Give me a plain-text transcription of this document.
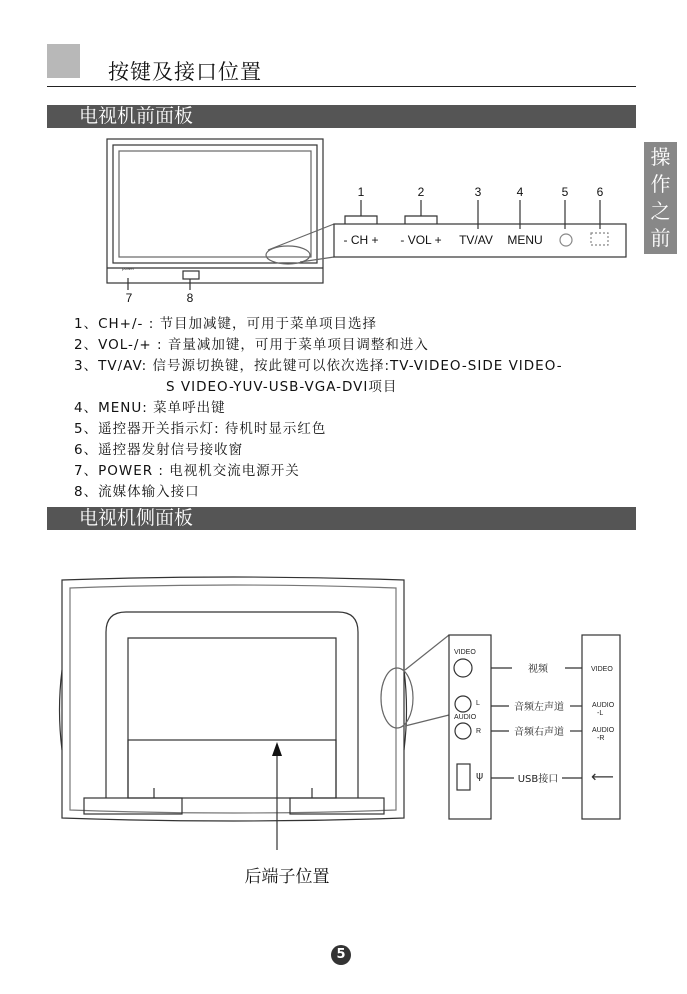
按键及接口位置
电视机前面板
操
作
之
前
power
1	2	3	4	5 6
- CH + - VOL + TV/AV MENU
7	8
1、CH+/- : 节目加减键，可用于菜单项目选择
2、VOL-/+ : 音量减加键，可用于菜单项目调整和进入
3、TV/AV: 信号源切换键，按此键可以依次选择:TV-VIDEO-SIDE VIDEO-
S VIDEO-YUV-USB-VGA-DVI项目
4、MENU: 菜单呼出键
5、遥控器开关指示灯: 待机时显示红色
6、遥控器发射信号接收窗
7、POWER : 电视机交流电源开关
8、流媒体输入接口
电视机侧面板
ψ	⟵
VIDEO
L
AUDIO
R
VIDEO
AUDIO
-L
AUDIO
-R
视频
音频左声道
音频右声道
USB接口
后端子位置
5
